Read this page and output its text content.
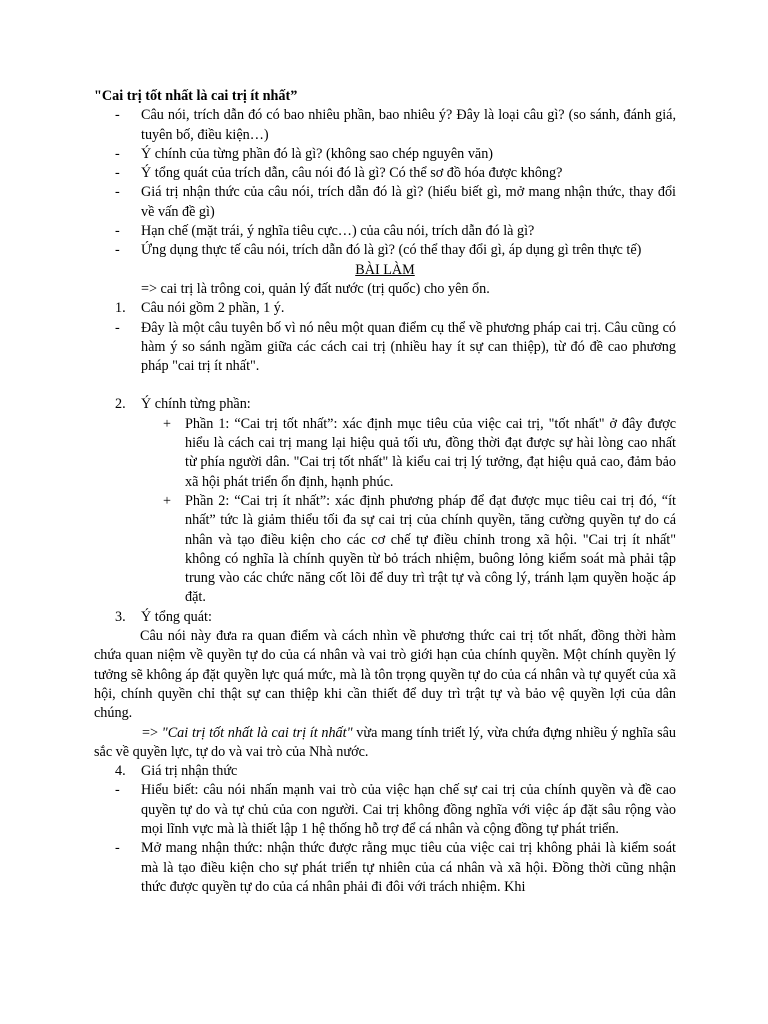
"Cai trị tốt nhất là cai trị ít nhất”

-	Câu nói, trích dẫn đó có bao nhiêu phần, bao nhiêu ý? Đây là loại câu gì? (so sánh, đánh giá, tuyên bố, điều kiện…)
-	Ý chính của từng phần đó là gì? (không sao chép nguyên văn)
-	Ý tổng quát của trích dẫn, câu nói đó là gì? Có thể sơ đồ hóa được không?
-	Giá trị nhận thức của câu nói, trích dẫn đó là gì? (hiểu biết gì, mở mang nhận thức, thay đổi về vấn đề gì)
-	Hạn chế (mặt trái, ý nghĩa tiêu cực…) của câu nói, trích dẫn đó là gì?
-	Ứng dụng thực tế câu nói, trích dẫn đó là gì? (có thể thay đổi gì, áp dụng gì trên thực tế)
BÀI LÀM
=> cai trị là trông coi, quản lý đất nước (trị quốc) cho yên ổn.
1.	Câu nói gồm 2 phần, 1 ý.
-	Đây là một câu tuyên bố vì nó nêu một quan điểm cụ thể về phương pháp cai trị. Câu cũng có hàm ý so sánh ngầm giữa các cách cai trị (nhiều hay ít sự can thiệp), từ đó đề cao phương pháp "cai trị ít nhất".
2.	Ý chính từng phần:
+ Phần 1: “Cai trị tốt nhất”: xác định mục tiêu của việc cai trị, "tốt nhất" ở đây được hiểu là cách cai trị mang lại hiệu quả tối ưu, đồng thời đạt được sự hài lòng cao nhất từ phía người dân. "Cai trị tốt nhất" là kiểu cai trị lý tưởng, đạt hiệu quả cao, đảm bảo xã hội phát triển ổn định, hạnh phúc.
+ Phần 2: “Cai trị ít nhất”: xác định phương pháp để đạt được mục tiêu cai trị đó, “ít nhất” tức là giảm thiểu tối đa sự cai trị của chính quyền, tăng cường quyền tự do cá nhân và tạo điều kiện cho các cơ chế tự điều chỉnh trong xã hội. "Cai trị ít nhất" không có nghĩa là chính quyền từ bỏ trách nhiệm, buông lỏng kiểm soát mà phải tập trung vào các chức năng cốt lõi để duy trì trật tự và công lý, tránh lạm quyền hoặc áp đặt.
3.	Ý tổng quát:
Câu nói này đưa ra quan điểm và cách nhìn về phương thức cai trị tốt nhất, đồng thời hàm chứa quan niệm về quyền tự do của cá nhân và vai trò giới hạn của chính quyền. Một chính quyền lý tưởng sẽ không áp đặt quyền lực quá mức, mà là tôn trọng quyền tự do của cá nhân và tự quyết của xã hội, chính quyền chỉ thật sự can thiệp khi cần thiết để duy trì trật tự và bảo vệ quyền lợi của dân chúng.
=> "Cai trị tốt nhất là cai trị ít nhất" vừa mang tính triết lý, vừa chứa đựng nhiều ý nghĩa sâu sắc về quyền lực, tự do và vai trò của Nhà nước.
4.	Giá trị nhận thức
-	Hiểu biết: câu nói nhấn mạnh vai trò của việc hạn chế sự cai trị của chính quyền và đề cao quyền tự do và tự chủ của con người. Cai trị không đồng nghĩa với việc áp đặt sâu rộng vào mọi lĩnh vực mà là thiết lập 1 hệ thống hỗ trợ để cá nhân và cộng đồng tự phát triển.
-	Mở mang nhận thức: nhận thức được rằng mục tiêu của việc cai trị không phải là kiểm soát mà là tạo điều kiện cho sự phát triển tự nhiên của cá nhân và xã hội. Đồng thời cũng nhận thức được quyền tự do của cá nhân phải đi đôi với trách nhiệm. Khi
